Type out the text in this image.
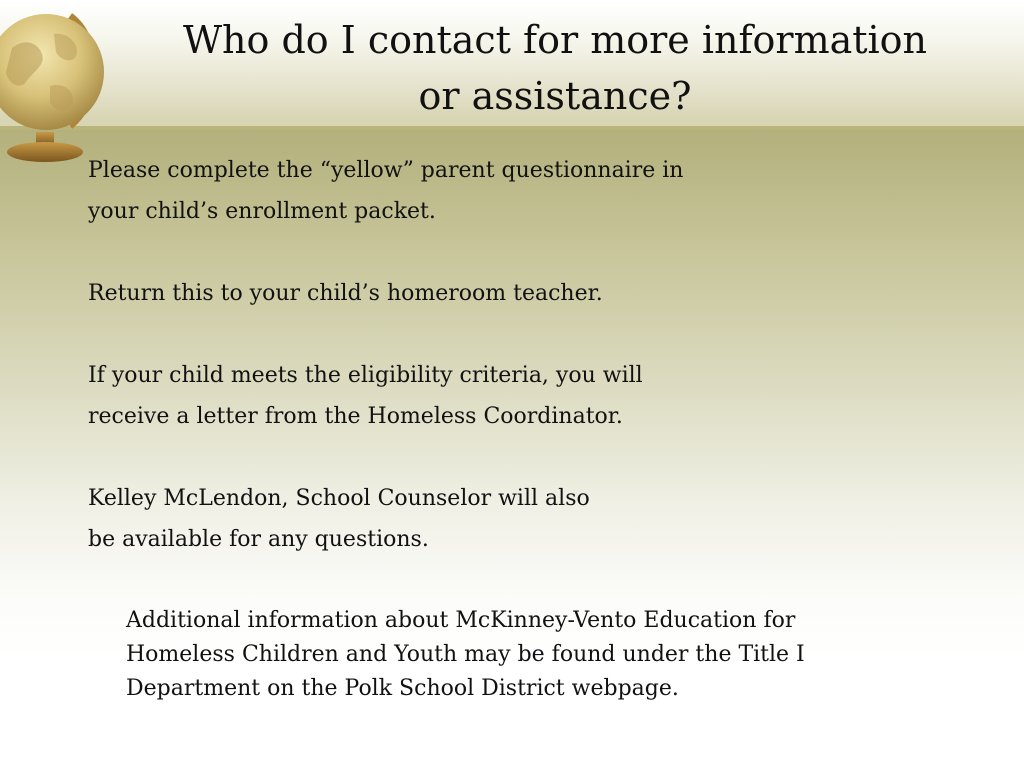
Who do I contact for more information
or assistance?

Please complete the “yellow” parent questionnaire in
your child’s enrollment packet.

Return this to your child’s homeroom teacher.

If your child meets the eligibility criteria, you will
receive a letter from the Homeless Coordinator.

Kelley McLendon, School Counselor will also
be available for any questions.

Additional information about McKinney-Vento Education for
Homeless Children and Youth may be found under the Title I
Department on the Polk School District webpage.
